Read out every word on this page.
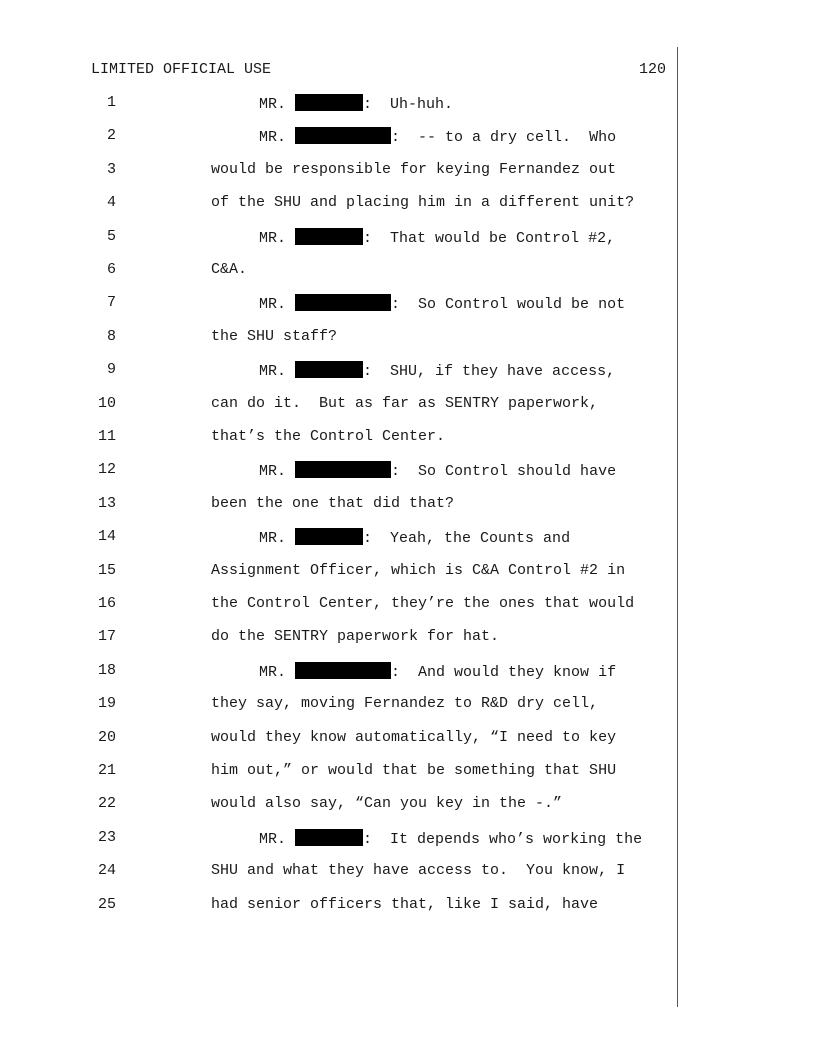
LIMITED OFFICIAL USE	120
1	MR.	:  Uh-huh.
2	MR.	:  -- to a dry cell.  Who
3	would be responsible for keying Fernandez out
4	of the SHU and placing him in a different unit?
5	MR.	:  That would be Control #2,
6	C&A.
7	MR.	:  So Control would be not
8	the SHU staff?
9	MR.	:  SHU, if they have access,
10	can do it.  But as far as SENTRY paperwork,
11	that’s the Control Center.
12	MR.	:  So Control should have
13	been the one that did that?
14	MR.	:  Yeah, the Counts and
15	Assignment Officer, which is C&A Control #2 in
16	the Control Center, they’re the ones that would
17	do the SENTRY paperwork for hat.
18	MR.	:  And would they know if
19	they say, moving Fernandez to R&D dry cell,
20	would they know automatically, “I need to key
21	him out,” or would that be something that SHU
22	would also say, “Can you key in the -.”
23	MR.	:  It depends who’s working the
24	SHU and what they have access to.  You know, I
25	had senior officers that, like I said, have
